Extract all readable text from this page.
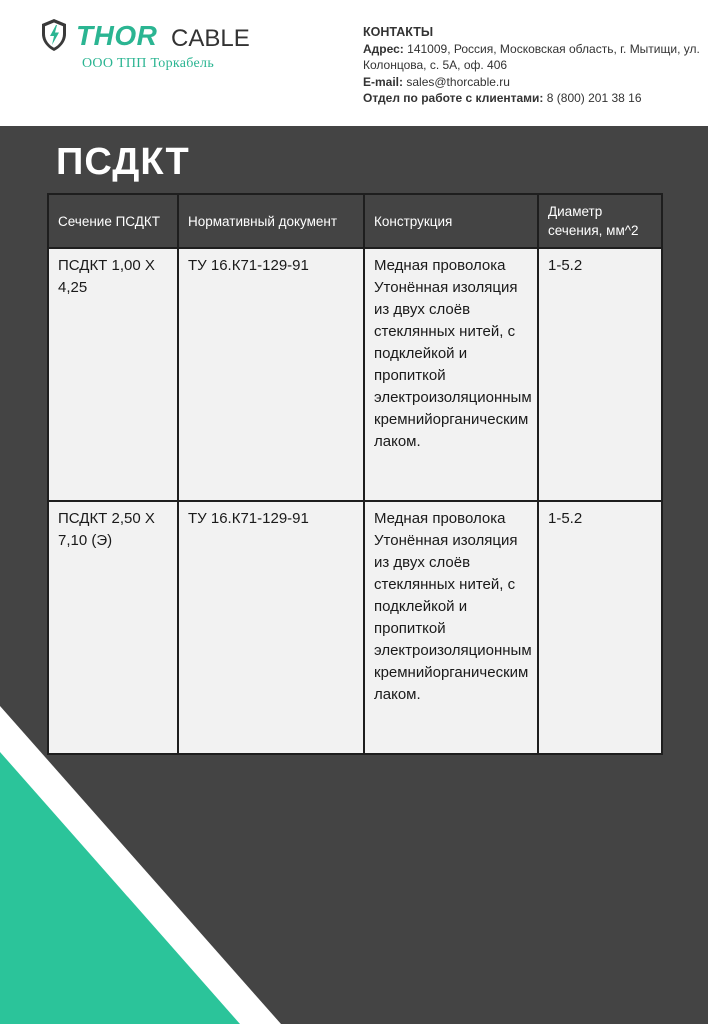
THOR CABLE
ООО ТПП Торкабель
КОНТАКТЫ
Адрес: 141009, Россия, Московская область, г. Мытищи, ул. Колонцова, с. 5А, оф. 406
E-mail: sales@thorcable.ru
Отдел по работе с клиентами: 8 (800) 201 38 16
ПСДКТ
Сечение ПСДКТ	Нормативный документ	Конструкция	Диаметр сечения, мм^2
ПСДКТ 1,00 Х 4,25	ТУ 16.К71-129-91	Медная проволока Утонённая изоляция из двух слоёв стеклянных нитей, с подклейкой и пропиткой электроизоляционным кремнийорганическим лаком.	1-5.2
ПСДКТ 2,50 Х 7,10 (Э)	ТУ 16.К71-129-91	Медная проволока Утонённая изоляция из двух слоёв стеклянных нитей, с подклейкой и пропиткой электроизоляционным кремнийорганическим лаком.	1-5.2
